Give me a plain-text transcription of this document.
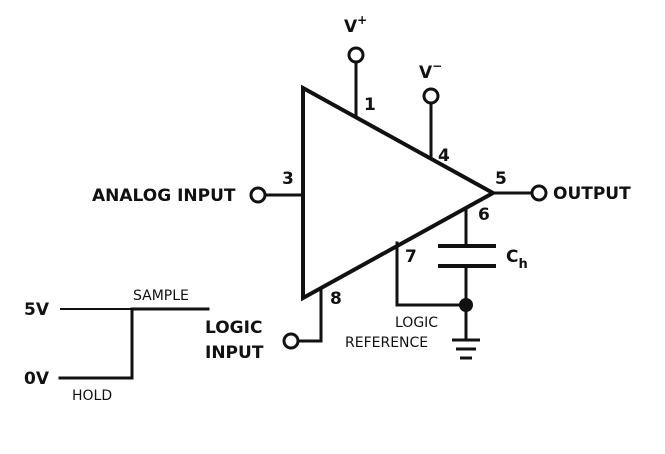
V+
1
V−
4
ANALOG INPUT
3
OUTPUT
5
6
$C_h$
7
LOGIC
REFERENCE
8
LOGIC
INPUT
5V
SAMPLE
0V
HOLD
